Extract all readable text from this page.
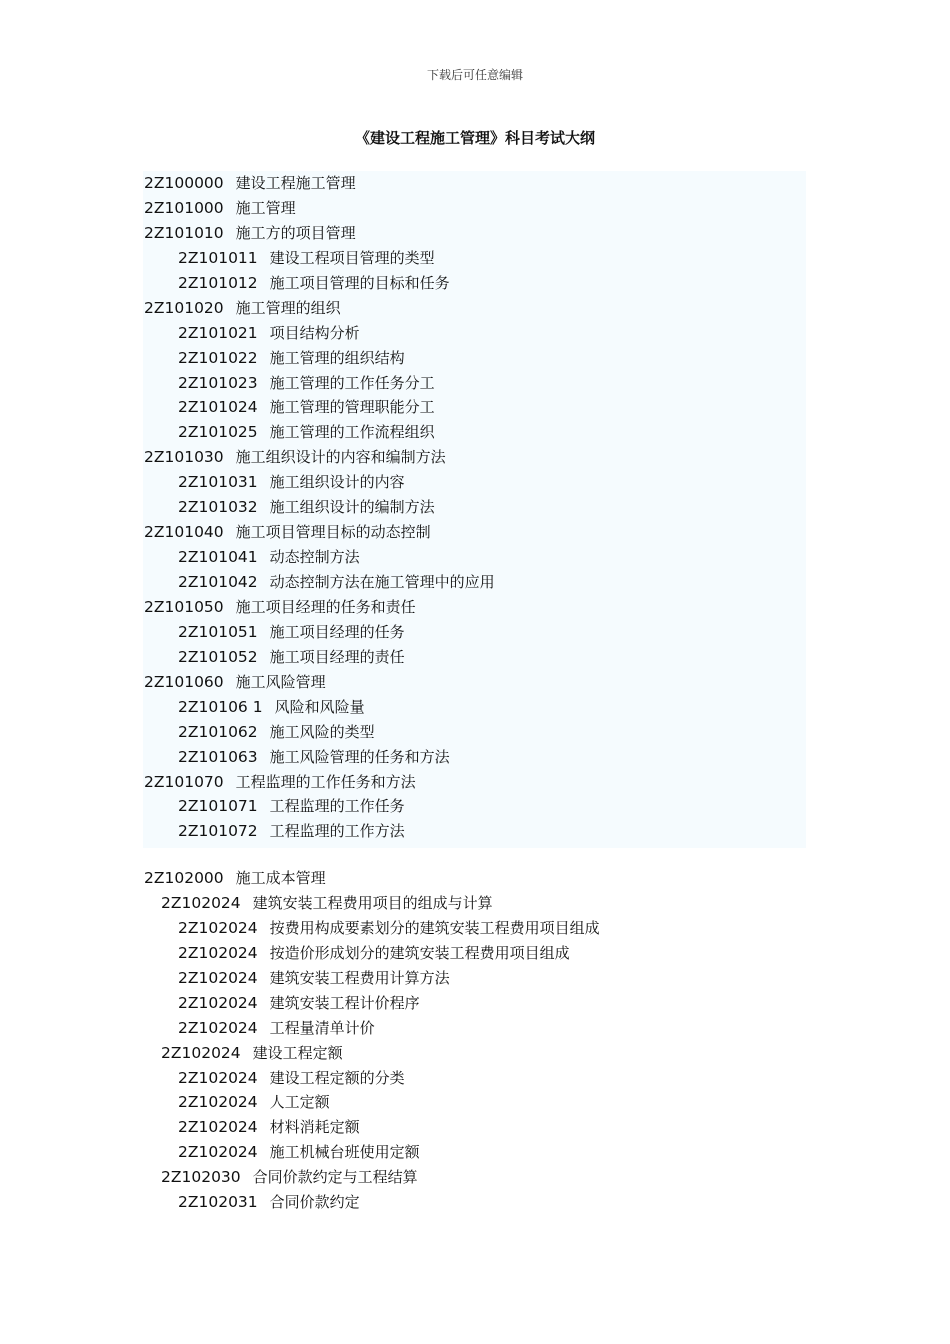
下载后可任意编辑
《建设工程施工管理》科目考试大纲
2Z100000 建设工程施工管理
2Z101000 施工管理
2Z101010 施工方的项目管理
2Z101011 建设工程项目管理的类型
2Z101012 施工项目管理的目标和任务
2Z101020 施工管理的组织
2Z101021 项目结构分析
2Z101022 施工管理的组织结构
2Z101023 施工管理的工作任务分工
2Z101024 施工管理的管理职能分工
2Z101025 施工管理的工作流程组织
2Z101030 施工组织设计的内容和编制方法
2Z101031 施工组织设计的内容
2Z101032 施工组织设计的编制方法
2Z101040 施工项目管理目标的动态控制
2Z101041 动态控制方法
2Z101042 动态控制方法在施工管理中的应用
2Z101050 施工项目经理的任务和责任
2Z101051 施工项目经理的任务
2Z101052 施工项目经理的责任
2Z101060 施工风险管理
2Z10106 1 风险和风险量
2Z101062 施工风险的类型
2Z101063 施工风险管理的任务和方法
2Z101070 工程监理的工作任务和方法
2Z101071 工程监理的工作任务
2Z101072 工程监理的工作方法
2Z102000 施工成本管理
2Z102024 建筑安装工程费用项目的组成与计算
2Z102024 按费用构成要素划分的建筑安装工程费用项目组成
2Z102024 按造价形成划分的建筑安装工程费用项目组成
2Z102024 建筑安装工程费用计算方法
2Z102024 建筑安装工程计价程序
2Z102024 工程量清单计价
2Z102024 建设工程定额
2Z102024 建设工程定额的分类
2Z102024 人工定额
2Z102024 材料消耗定额
2Z102024 施工机械台班使用定额
2Z102030 合同价款约定与工程结算
2Z102031 合同价款约定
